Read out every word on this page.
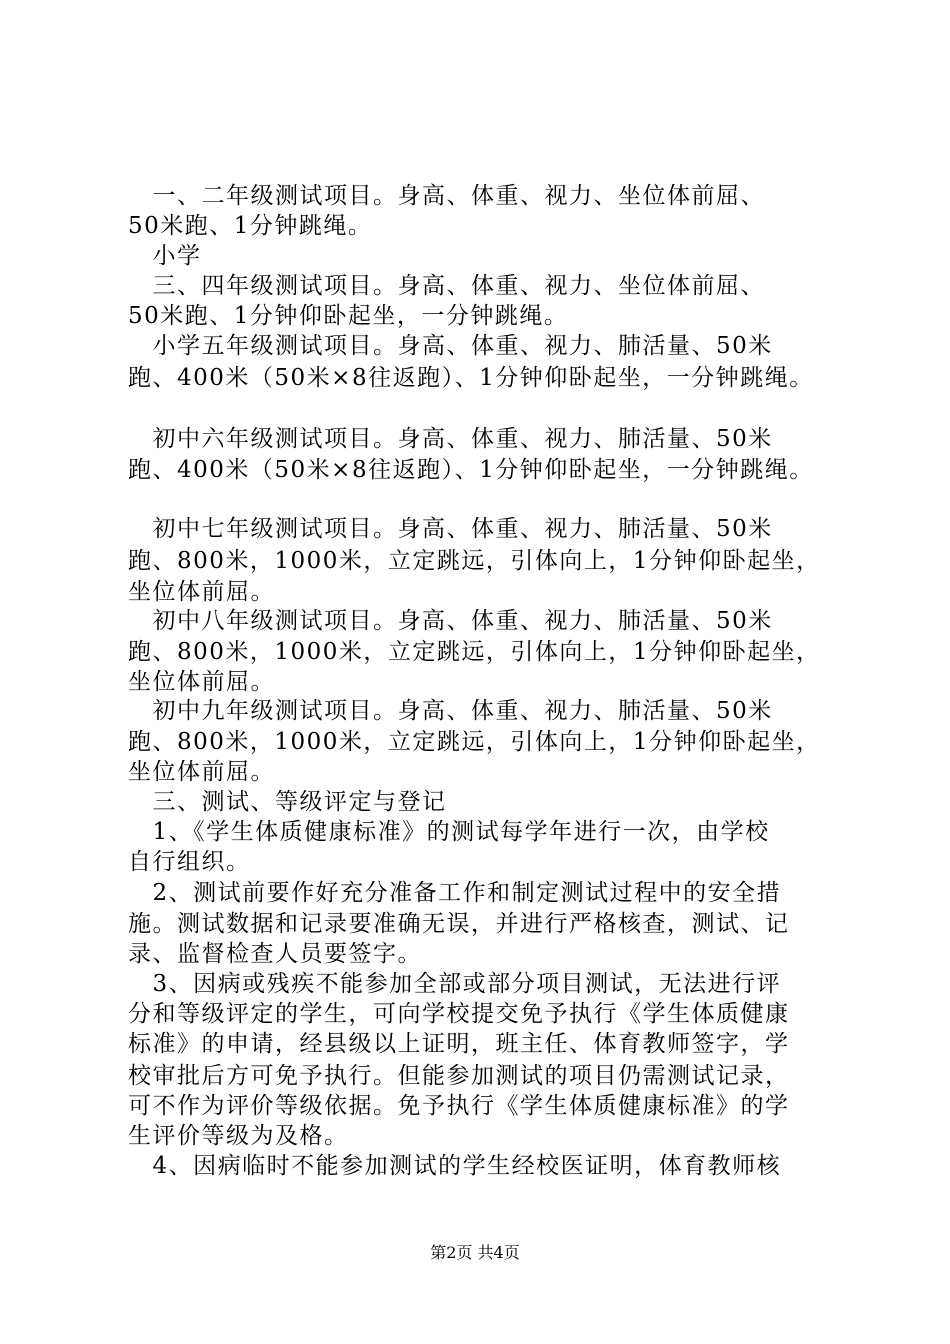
　一、二年级测试项目。身高、体重、视力、坐位体前屈、
50米跑、1分钟跳绳。
　小学
　三、四年级测试项目。身高、体重、视力、坐位体前屈、
50米跑、1分钟仰卧起坐，一分钟跳绳。
　小学五年级测试项目。身高、体重、视力、肺活量、50米
跑、400米（50米×8往返跑）、1分钟仰卧起坐，一分钟跳绳。
　初中六年级测试项目。身高、体重、视力、肺活量、50米
跑、400米（50米×8往返跑）、1分钟仰卧起坐，一分钟跳绳。
　初中七年级测试项目。身高、体重、视力、肺活量、50米
跑、800米，1000米，立定跳远，引体向上，1分钟仰卧起坐，
坐位体前屈。
　初中八年级测试项目。身高、体重、视力、肺活量、50米
跑、800米，1000米，立定跳远，引体向上，1分钟仰卧起坐，
坐位体前屈。
　初中九年级测试项目。身高、体重、视力、肺活量、50米
跑、800米，1000米，立定跳远，引体向上，1分钟仰卧起坐，
坐位体前屈。
　三、测试、等级评定与登记
　1、《学生体质健康标准》的测试每学年进行一次，由学校
自行组织。
　2、测试前要作好充分准备工作和制定测试过程中的安全措
施。测试数据和记录要准确无误，并进行严格核查，测试、记
录、监督检查人员要签字。
　3、因病或残疾不能参加全部或部分项目测试，无法进行评
分和等级评定的学生，可向学校提交免予执行《学生体质健康
标准》的申请，经县级以上证明，班主任、体育教师签字，学
校审批后方可免予执行。但能参加测试的项目仍需测试记录，
可不作为评价等级依据。免予执行《学生体质健康标准》的学
生评价等级为及格。
　4、因病临时不能参加测试的学生经校医证明，体育教师核
第2页 共4页
